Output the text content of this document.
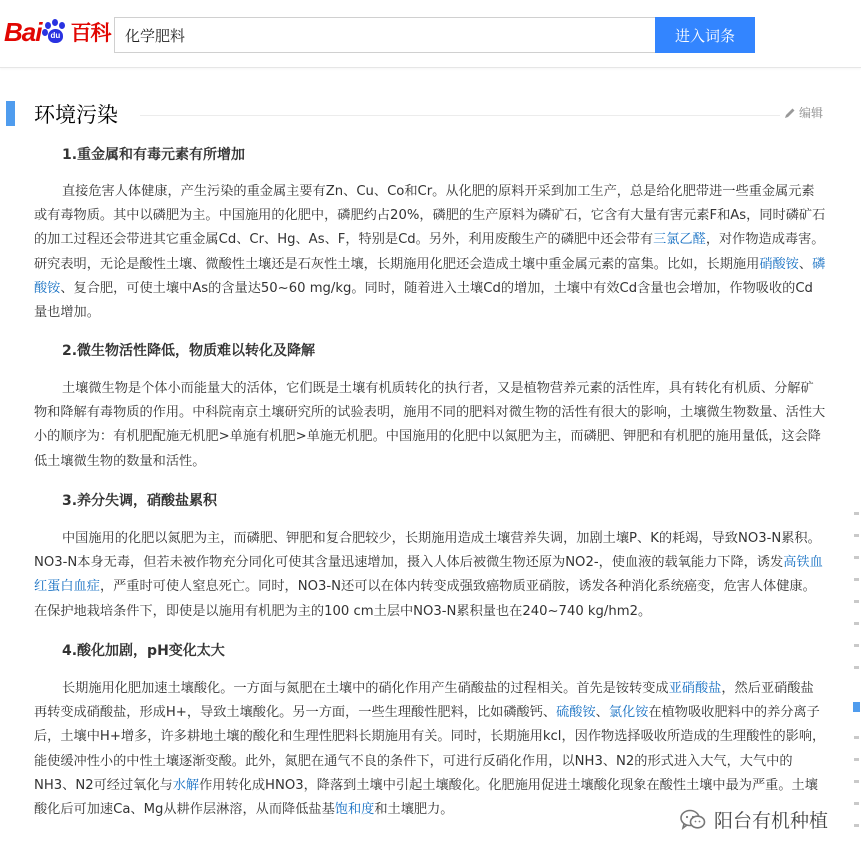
Bai du 百科
化学肥料	进入词条
环境污染	编辑
1.重金属和有毒元素有所增加

直接危害人体健康，产生污染的重金属主要有Zn、Cu、Co和Cr。从化肥的原料开采到加工生产，总是给化肥带进一些重金属元素或有毒物质。其中以磷肥为主。中国施用的化肥中，磷肥约占20%，磷肥的生产原料为磷矿石，它含有大量有害元素F和As，同时磷矿石的加工过程还会带进其它重金属Cd、Cr、Hg、As、F，特别是Cd。另外，利用废酸生产的磷肥中还会带有三氯乙醛，对作物造成毒害。研究表明，无论是酸性土壤、微酸性土壤还是石灰性土壤，长期施用化肥还会造成土壤中重金属元素的富集。比如，长期施用硝酸铵、磷酸铵、复合肥，可使土壤中As的含量达50~60 mg/kg。同时，随着进入土壤Cd的增加，土壤中有效Cd含量也会增加，作物吸收的Cd量也增加。

2.微生物活性降低，物质难以转化及降解

土壤微生物是个体小而能量大的活体，它们既是土壤有机质转化的执行者，又是植物营养元素的活性库，具有转化有机质、分解矿物和降解有毒物质的作用。中科院南京土壤研究所的试验表明，施用不同的肥料对微生物的活性有很大的影响，土壤微生物数量、活性大小的顺序为：有机肥配施无机肥>单施有机肥>单施无机肥。中国施用的化肥中以氮肥为主，而磷肥、钾肥和有机肥的施用量低，这会降低土壤微生物的数量和活性。

3.养分失调，硝酸盐累积

中国施用的化肥以氮肥为主，而磷肥、钾肥和复合肥较少，长期施用造成土壤营养失调，加剧土壤P、K的耗竭，导致NO3-N累积。NO3-N本身无毒，但若未被作物充分同化可使其含量迅速增加，摄入人体后被微生物还原为NO2-，使血液的载氧能力下降，诱发高铁血红蛋白血症，严重时可使人窒息死亡。同时，NO3-N还可以在体内转变成强致癌物质亚硝胺，诱发各种消化系统癌变，危害人体健康。在保护地栽培条件下，即使是以施用有机肥为主的100 cm土层中NO3-N累积量也在240~740 kg/hm2。

4.酸化加剧，pH变化太大

长期施用化肥加速土壤酸化。一方面与氮肥在土壤中的硝化作用产生硝酸盐的过程相关。首先是铵转变成亚硝酸盐，然后亚硝酸盐再转变成硝酸盐，形成H+，导致土壤酸化。另一方面，一些生理酸性肥料，比如磷酸钙、硫酸铵、氯化铵在植物吸收肥料中的养分离子后，土壤中H+增多，许多耕地土壤的酸化和生理性肥料长期施用有关。同时，长期施用kcl，因作物选择吸收所造成的生理酸性的影响，能使缓冲性小的中性土壤逐渐变酸。此外，氮肥在通气不良的条件下，可进行反硝化作用，以NH3、N2的形式进入大气，大气中的NH3、N2可经过氧化与水解作用转化成HNO3，降落到土壤中引起土壤酸化。化肥施用促进土壤酸化现象在酸性土壤中最为严重。土壤酸化后可加速Ca、Mg从耕作层淋溶，从而降低盐基饱和度和土壤肥力。

阳台有机种植
